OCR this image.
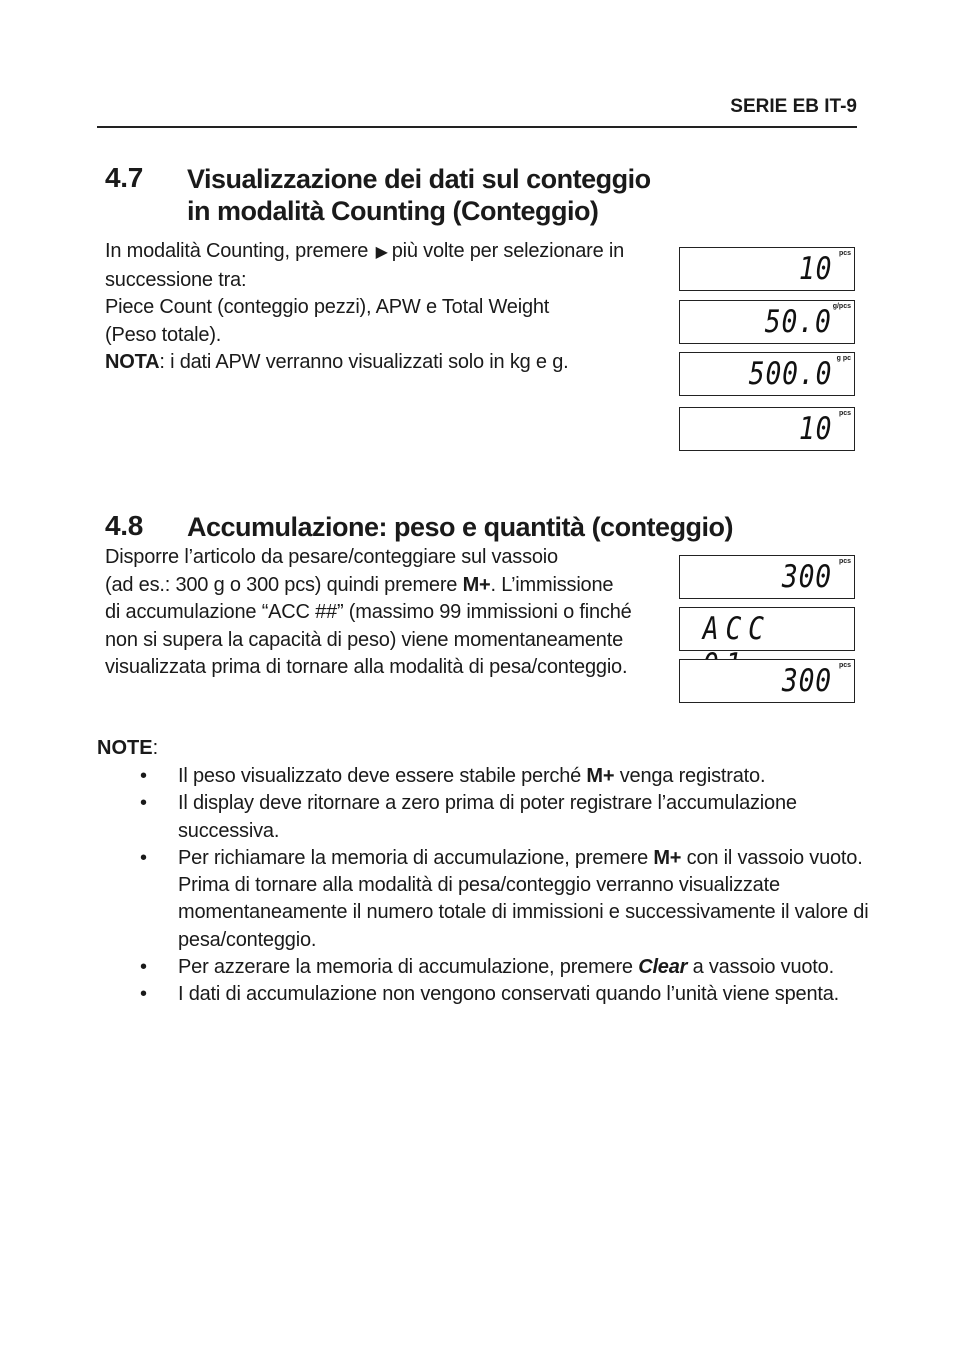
SERIE EB IT-9
4.7 Visualizzazione dei dati sul conteggio
in modalità Counting (Conteggio)

In modalità Counting, premere ▶ più volte per selezionare in

successione tra:

Piece Count (conteggio pezzi), APW e Total Weight

(Peso totale).

NOTA: i dati APW verranno visualizzati solo in kg e g.

10 pcs
50.0 g/pcs
500.0 g pc
10 pcs
4.8 Accumulazione: peso e quantità (conteggio)

Disporre l’articolo da pesare/conteggiare sul vassoio

(ad es.: 300 g o 300 pcs) quindi premere M+. L’immissione

di accumulazione “ACC ##” (massimo 99 immissioni o finché

non si supera la capacità di peso) viene momentaneamente

visualizzata prima di tornare alla modalità di pesa/conteggio.

300 pcs
ACC
300 pcs
NOTE:
• Il peso visualizzato deve essere stabile perché M+ venga registrato.
• Il display deve ritornare a zero prima di poter registrare l’accumulazione successiva.
• Per richiamare la memoria di accumulazione, premere M+ con il vassoio vuoto. Prima di tornare alla modalità di pesa/conteggio verranno visualizzate momentaneamente il numero totale di immissioni e successivamente il valore di pesa/conteggio.
• Per azzerare la memoria di accumulazione, premere Clear a vassoio vuoto.
• I dati di accumulazione non vengono conservati quando l’unità viene spenta.
